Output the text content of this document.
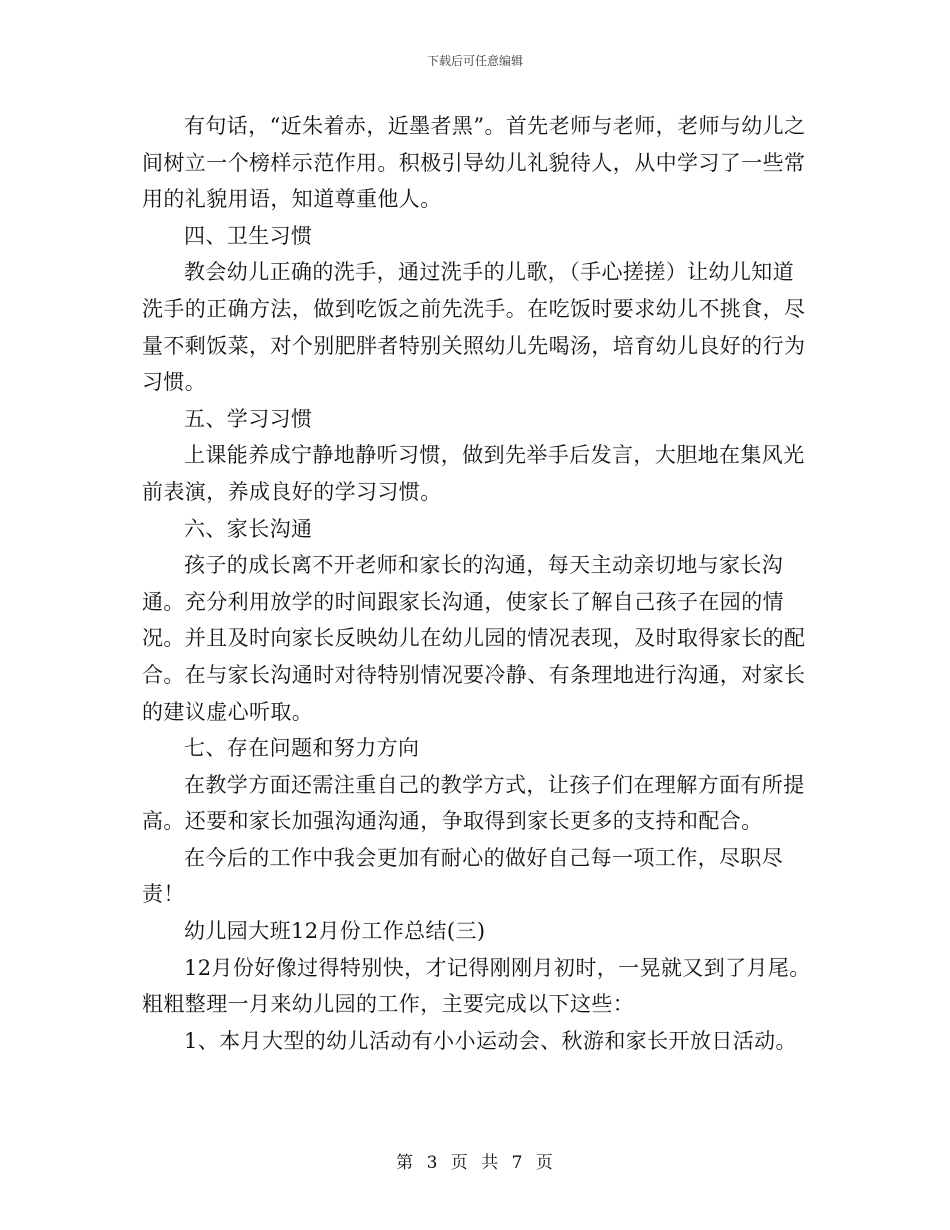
下载后可任意编辑

有句话，“近朱着赤，近墨者黑”。首先老师与老师，老师与幼儿之间树立一个榜样示范作用。积极引导幼儿礼貌待人，从中学习了一些常用的礼貌用语，知道尊重他人。

四、卫生习惯

教会幼儿正确的洗手，通过洗手的儿歌，（手心搓搓）让幼儿知道洗手的正确方法，做到吃饭之前先洗手。在吃饭时要求幼儿不挑食，尽量不剩饭菜，对个别肥胖者特别关照幼儿先喝汤，培育幼儿良好的行为习惯。

五、学习习惯

上课能养成宁静地静听习惯，做到先举手后发言，大胆地在集风光前表演，养成良好的学习习惯。

六、家长沟通

孩子的成长离不开老师和家长的沟通，每天主动亲切地与家长沟通。充分利用放学的时间跟家长沟通，使家长了解自己孩子在园的情况。并且及时向家长反映幼儿在幼儿园的情况表现，及时取得家长的配合。在与家长沟通时对待特别情况要冷静、有条理地进行沟通，对家长的建议虚心听取。

七、存在问题和努力方向

在教学方面还需注重自己的教学方式，让孩子们在理解方面有所提高。还要和家长加强沟通沟通，争取得到家长更多的支持和配合。

在今后的工作中我会更加有耐心的做好自己每一项工作，尽职尽责！

幼儿园大班12月份工作总结(三)

12月份好像过得特别快，才记得刚刚月初时，一晃就又到了月尾。粗粗整理一月来幼儿园的工作，主要完成以下这些：

1、本月大型的幼儿活动有小小运动会、秋游和家长开放日活动。

第 3 页 共 7 页
